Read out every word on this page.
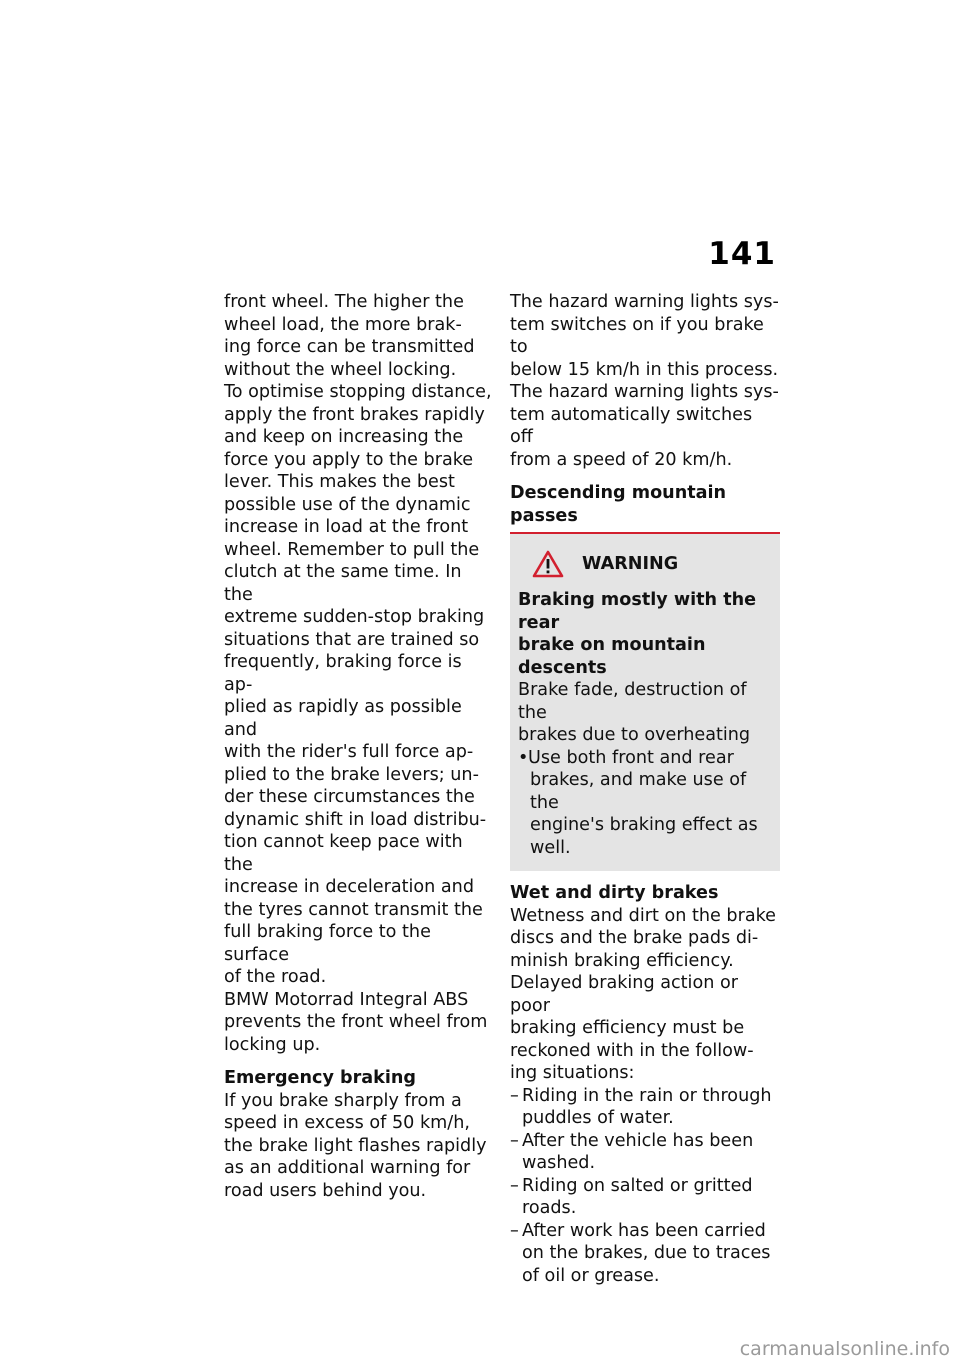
141

front wheel. The higher the
wheel load, the more brak-
ing force can be transmitted
without the wheel locking.

To optimise stopping distance,
apply the front brakes rapidly
and keep on increasing the
force you apply to the brake
lever. This makes the best
possible use of the dynamic
increase in load at the front
wheel. Remember to pull the
clutch at the same time. In the
extreme sudden-stop braking
situations that are trained so
frequently, braking force is ap-
plied as rapidly as possible and
with the rider's full force ap-
plied to the brake levers; un-
der these circumstances the
dynamic shift in load distribu-
tion cannot keep pace with the
increase in deceleration and
the tyres cannot transmit the
full braking force to the surface
of the road.

BMW Motorrad Integral ABS
prevents the front wheel from
locking up.

Emergency braking

If you brake sharply from a
speed in excess of 50 km/h,
the brake light flashes rapidly
as an additional warning for
road users behind you.

The hazard warning lights sys-
tem switches on if you brake to
below 15 km/h in this process.
The hazard warning lights sys-
tem automatically switches off
from a speed of 20 km/h.

Descending mountain passes
WARNING

Braking mostly with the rear
brake on mountain descents

Brake fade, destruction of the
brakes due to overheating

• Use both front and rear
brakes, and make use of the
engine's braking effect as
well.
Wet and dirty brakes

Wetness and dirt on the brake
discs and the brake pads di-
minish braking efficiency.
Delayed braking action or poor
braking efficiency must be
reckoned with in the follow-
ing situations:

– Riding in the rain or through
puddles of water.
– After the vehicle has been
washed.
– Riding on salted or gritted
roads.
– After work has been carried
on the brakes, due to traces
of oil or grease.
carmanualsonline.info
